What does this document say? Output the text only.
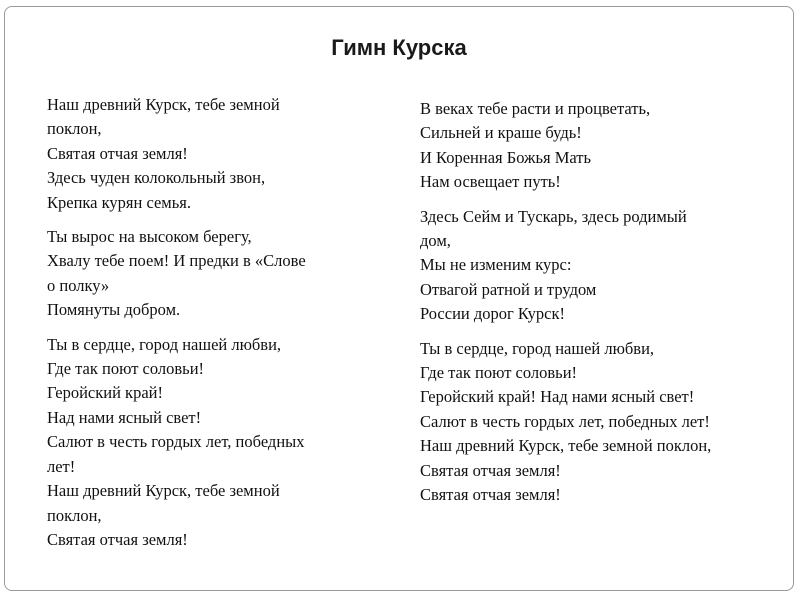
Гимн Курска
Наш древний Курск, тебе земной
поклон,
Святая отчая земля!
Здесь чуден колокольный звон,
Крепка курян семья.
Ты вырос на высоком берегу,
Хвалу тебе поем! И предки в «Слове
о полку»
Помянуты добром.
Ты в сердце, город нашей любви,
Где так поют соловьи!
Геройский край!
Над нами ясный свет!
Салют в честь гордых лет, победных
лет!
Наш древний Курск, тебе земной
поклон,
Святая отчая земля!
В веках тебе расти и процветать,
Сильней и краше будь!
И Коренная Божья Мать
Нам освещает путь!
Здесь Сейм и Тускарь, здесь родимый
дом,
Мы не изменим курс:
Отвагой ратной и трудом
России дорог Курск!
Ты в сердце, город нашей любви,
Где так поют соловьи!
Геройский край! Над нами ясный свет!
Салют в честь гордых лет, победных лет!
Наш древний Курск, тебе земной поклон,
Святая отчая земля!
Святая отчая земля!
